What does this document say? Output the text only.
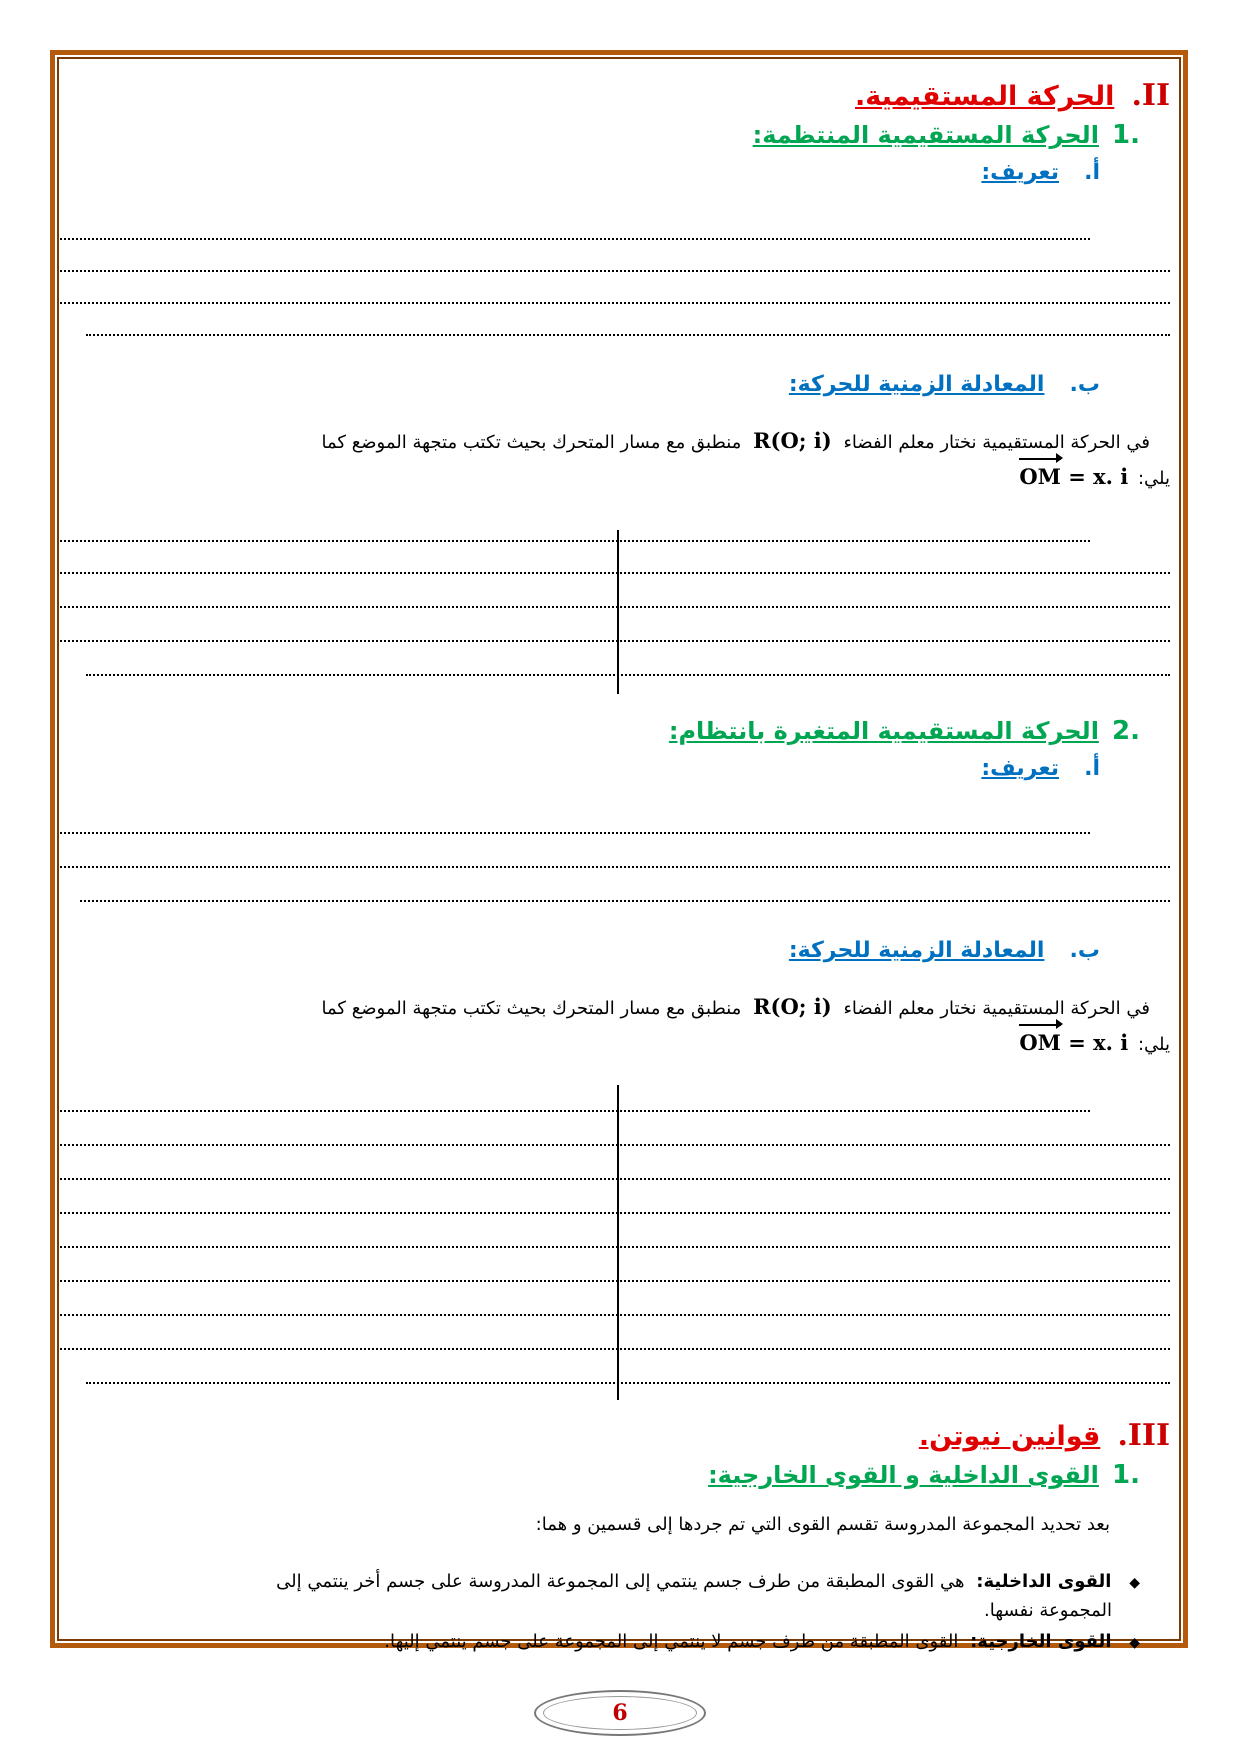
II. الحركة المستقيمية.
.1 الحركة المستقيمية المنتظمة:
أ. تعريف:
ب. المعادلة الزمنية للحركة:
في الحركة المستقيمية نختار معلم الفضاء R(O; i) منطبق مع مسار المتحرك بحيث تكتب متجهة الموضع كما
يلي: OM = x. i
.2 الحركة المستقيمية المتغيرة بانتظام:
أ. تعريف:
ب. المعادلة الزمنية للحركة:
في الحركة المستقيمية نختار معلم الفضاء R(O; i) منطبق مع مسار المتحرك بحيث تكتب متجهة الموضع كما
يلي: OM = x. i
III. قوانين نيوتن.
.1 القوى الداخلية و القوى الخارجية:
بعد تحديد المجموعة المدروسة تقسم القوى التي تم جردها إلى قسمين و هما:
◆ القوى الداخلية: هي القوى المطبقة من طرف جسم ينتمي إلى المجموعة المدروسة على جسم أخر ينتمي إلى
المجموعة نفسها.
◆ القوى الخارجية: القوى المطبقة من طرف جسم لا ينتمي إلى المجموعة على جسم ينتمي إليها.
6
